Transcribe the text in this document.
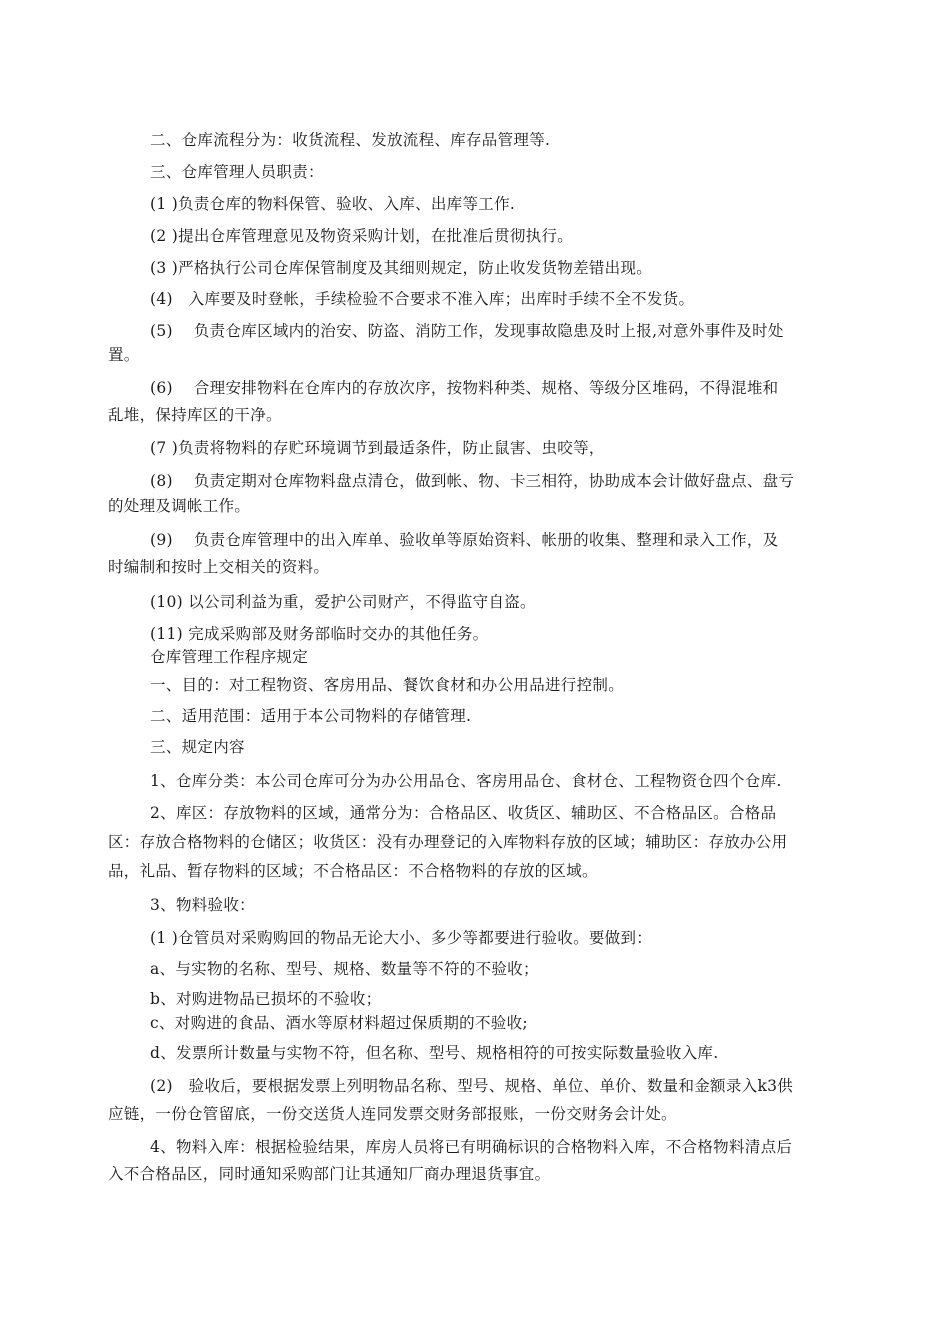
二、仓库流程分为：收货流程、发放流程、库存品管理等.
三、仓库管理人员职责：
(1 )负责仓库的物料保管、验收、入库、出库等工作.
(2 )提出仓库管理意见及物资采购计划，在批准后贯彻执行。
(3 )严格执行公司仓库保管制度及其细则规定，防止收发货物差错出现。
(4)　入库要及时登帐，手续检验不合要求不准入库；出库时手续不全不发货。
(5)　 负责仓库区域内的治安、防盗、消防工作，发现事故隐患及时上报,对意外事件及时处
置。
(6)　 合理安排物料在仓库内的存放次序，按物料种类、规格、等级分区堆码，不得混堆和
乱堆，保持库区的干净。
(7 )负责将物料的存贮环境调节到最适条件，防止鼠害、虫咬等，
(8)　 负责定期对仓库物料盘点清仓，做到帐、物、卡三相符，协助成本会计做好盘点、盘亏
的处理及调帐工作。
(9)　 负责仓库管理中的出入库单、验收单等原始资料、帐册的收集、整理和录入工作，及
时编制和按时上交相关的资料。
(10) 以公司利益为重，爱护公司财产，不得监守自盗。
(11) 完成采购部及财务部临时交办的其他任务。
仓库管理工作程序规定
一、目的：对工程物资、客房用品、餐饮食材和办公用品进行控制。
二、适用范围：适用于本公司物料的存储管理.
三、规定内容
1、仓库分类：本公司仓库可分为办公用品仓、客房用品仓、食材仓、工程物资仓四个仓库.
2、库区：存放物料的区域，通常分为：合格品区、收货区、辅助区、不合格品区。合格品
区：存放合格物料的仓储区；收货区：没有办理登记的入库物料存放的区域；辅助区：存放办公用
品，礼品、暂存物料的区域；不合格品区：不合格物料的存放的区域。
3、物料验收：
(1 )仓管员对采购购回的物品无论大小、多少等都要进行验收。要做到：
a、与实物的名称、型号、规格、数量等不符的不验收；
b、对购进物品已损坏的不验收；
c、对购进的食品、酒水等原材料超过保质期的不验收;
d、发票所计数量与实物不符，但名称、型号、规格相符的可按实际数量验收入库.
(2)　验收后，要根据发票上列明物品名称、型号、规格、单位、单价、数量和金额录入k3供
应链，一份仓管留底，一份交送货人连同发票交财务部报账，一份交财务会计处。
4、物料入库：根据检验结果，库房人员将已有明确标识的合格物料入库，不合格物料清点后
入不合格品区，同时通知采购部门让其通知厂商办理退货事宜。
